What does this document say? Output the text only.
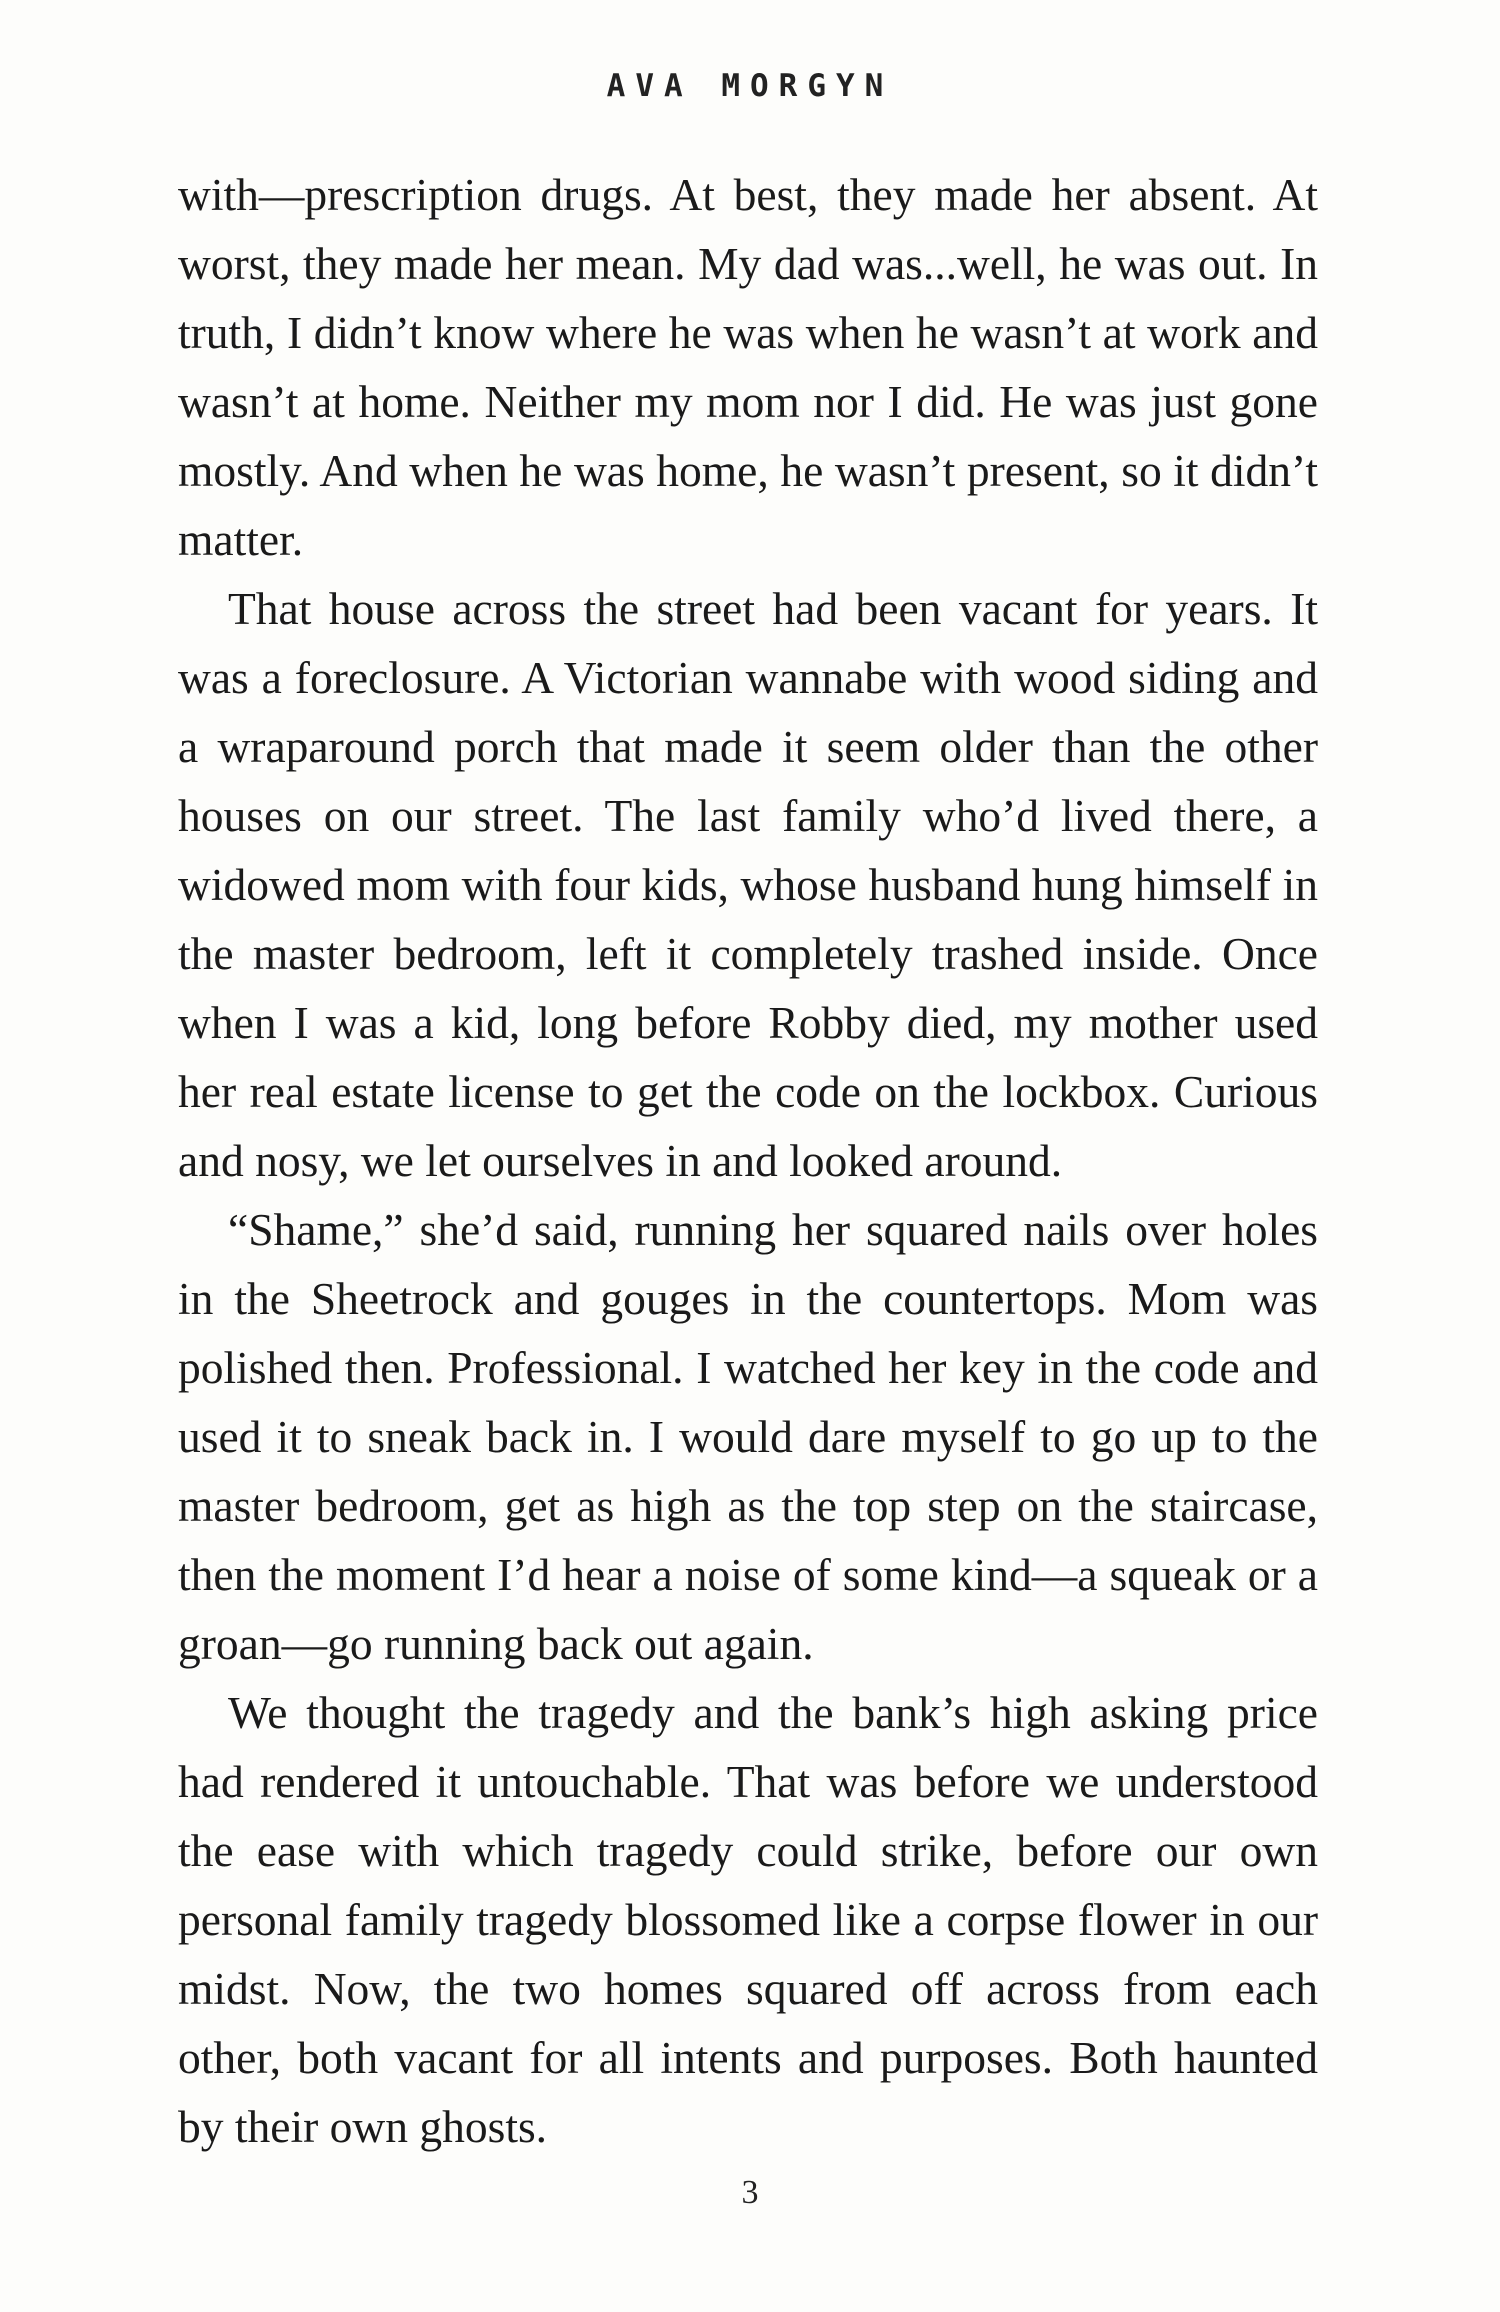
AVA MORGYN

with—prescription drugs. At best, they made her absent. At worst, they made her mean. My dad was...well, he was out. In truth, I didn’t know where he was when he wasn’t at work and wasn’t at home. Neither my mom nor I did. He was just gone mostly. And when he was home, he wasn’t present, so it didn’t matter.

That house across the street had been vacant for years. It was a foreclosure. A Victorian wannabe with wood siding and a wraparound porch that made it seem older than the other houses on our street. The last family who’d lived there, a widowed mom with four kids, whose husband hung himself in the master bedroom, left it completely trashed inside. Once when I was a kid, long before Robby died, my mother used her real estate license to get the code on the lockbox. Curious and nosy, we let ourselves in and looked around.

“Shame,” she’d said, running her squared nails over holes in the Sheetrock and gouges in the countertops. Mom was polished then. Professional. I watched her key in the code and used it to sneak back in. I would dare myself to go up to the master bedroom, get as high as the top step on the staircase, then the moment I’d hear a noise of some kind—a squeak or a groan—go running back out again.

We thought the tragedy and the bank’s high asking price had rendered it untouchable. That was before we understood the ease with which tragedy could strike, before our own personal family tragedy blossomed like a corpse flower in our midst. Now, the two homes squared off across from each other, both vacant for all intents and purposes. Both haunted by their own ghosts.

3
